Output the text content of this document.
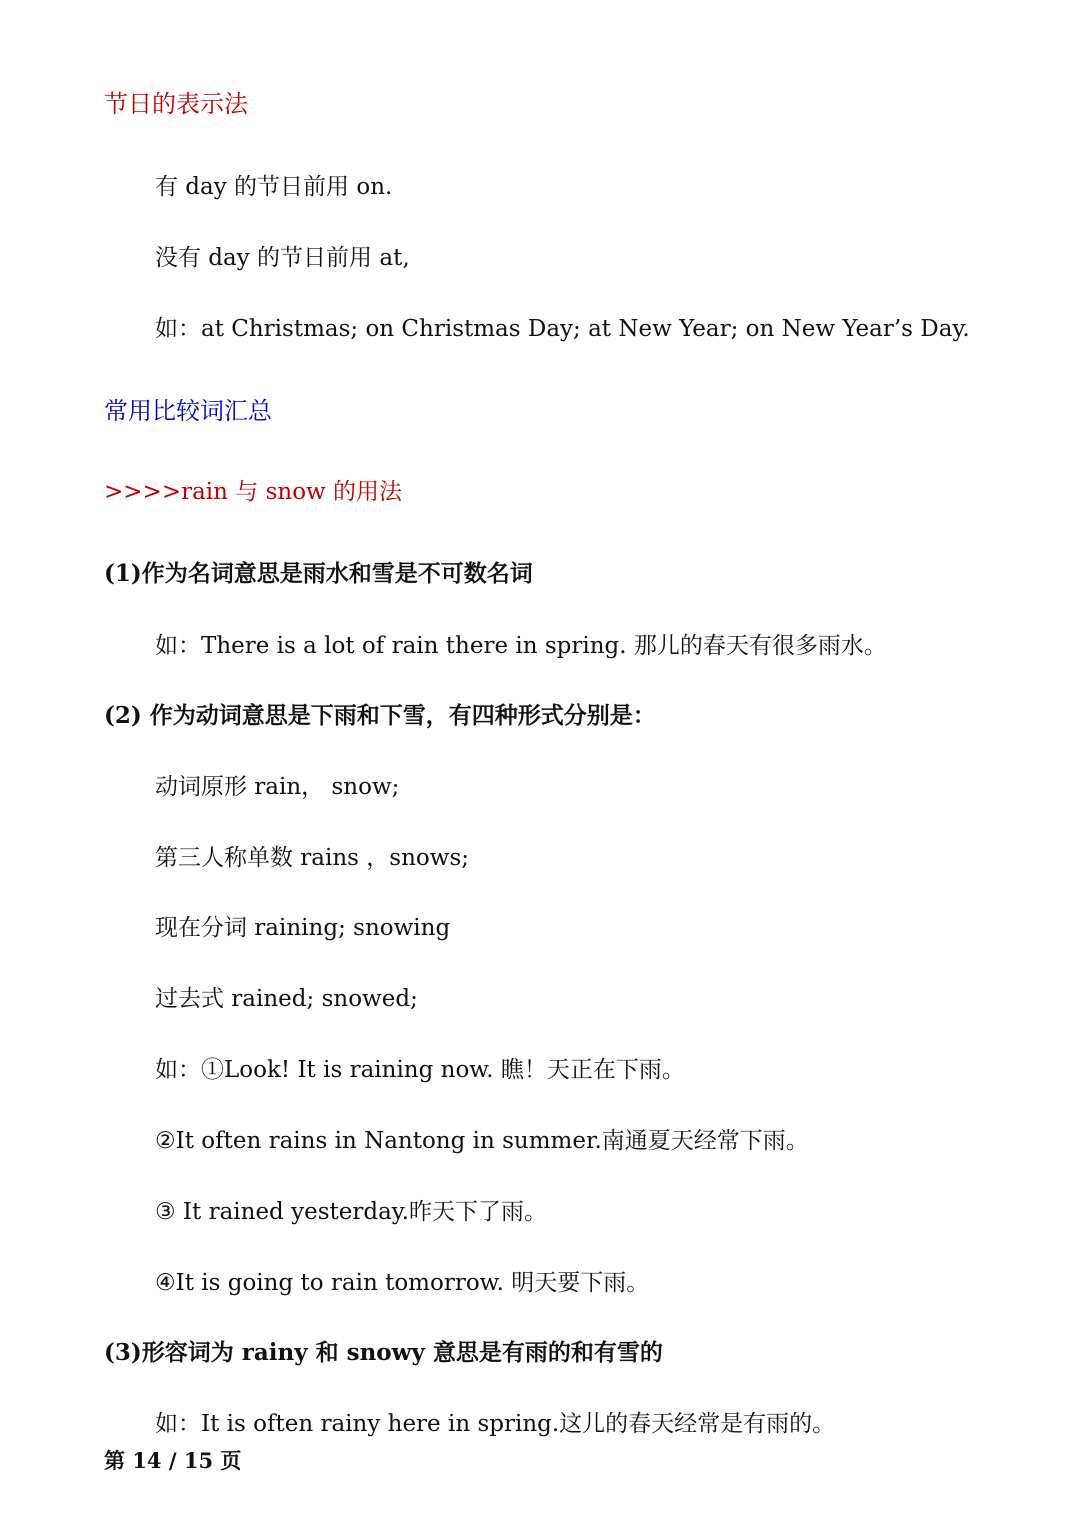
节日的表示法
有 day 的节日前用 on.
没有 day 的节日前用 at,
如：at Christmas; on Christmas Day; at New Year; on New Year’s Day.
常用比较词汇总
>>>>rain 与 snow 的用法
(1)作为名词意思是雨水和雪是不可数名词
如：There is a lot of rain there in spring. 那儿的春天有很多雨水。
(2) 作为动词意思是下雨和下雪，有四种形式分别是：
动词原形 rain， snow;
第三人称单数 rains ，snows;
现在分词 raining; snowing
过去式 rained; snowed;
如：①Look! It is raining now. 瞧！天正在下雨。
②It often rains in Nantong in summer.南通夏天经常下雨。
③ It rained yesterday.昨天下了雨。
④It is going to rain tomorrow. 明天要下雨。
(3)形容词为 rainy 和 snowy 意思是有雨的和有雪的
如：It is often rainy here in spring.这儿的春天经常是有雨的。
第 14 / 15 页
